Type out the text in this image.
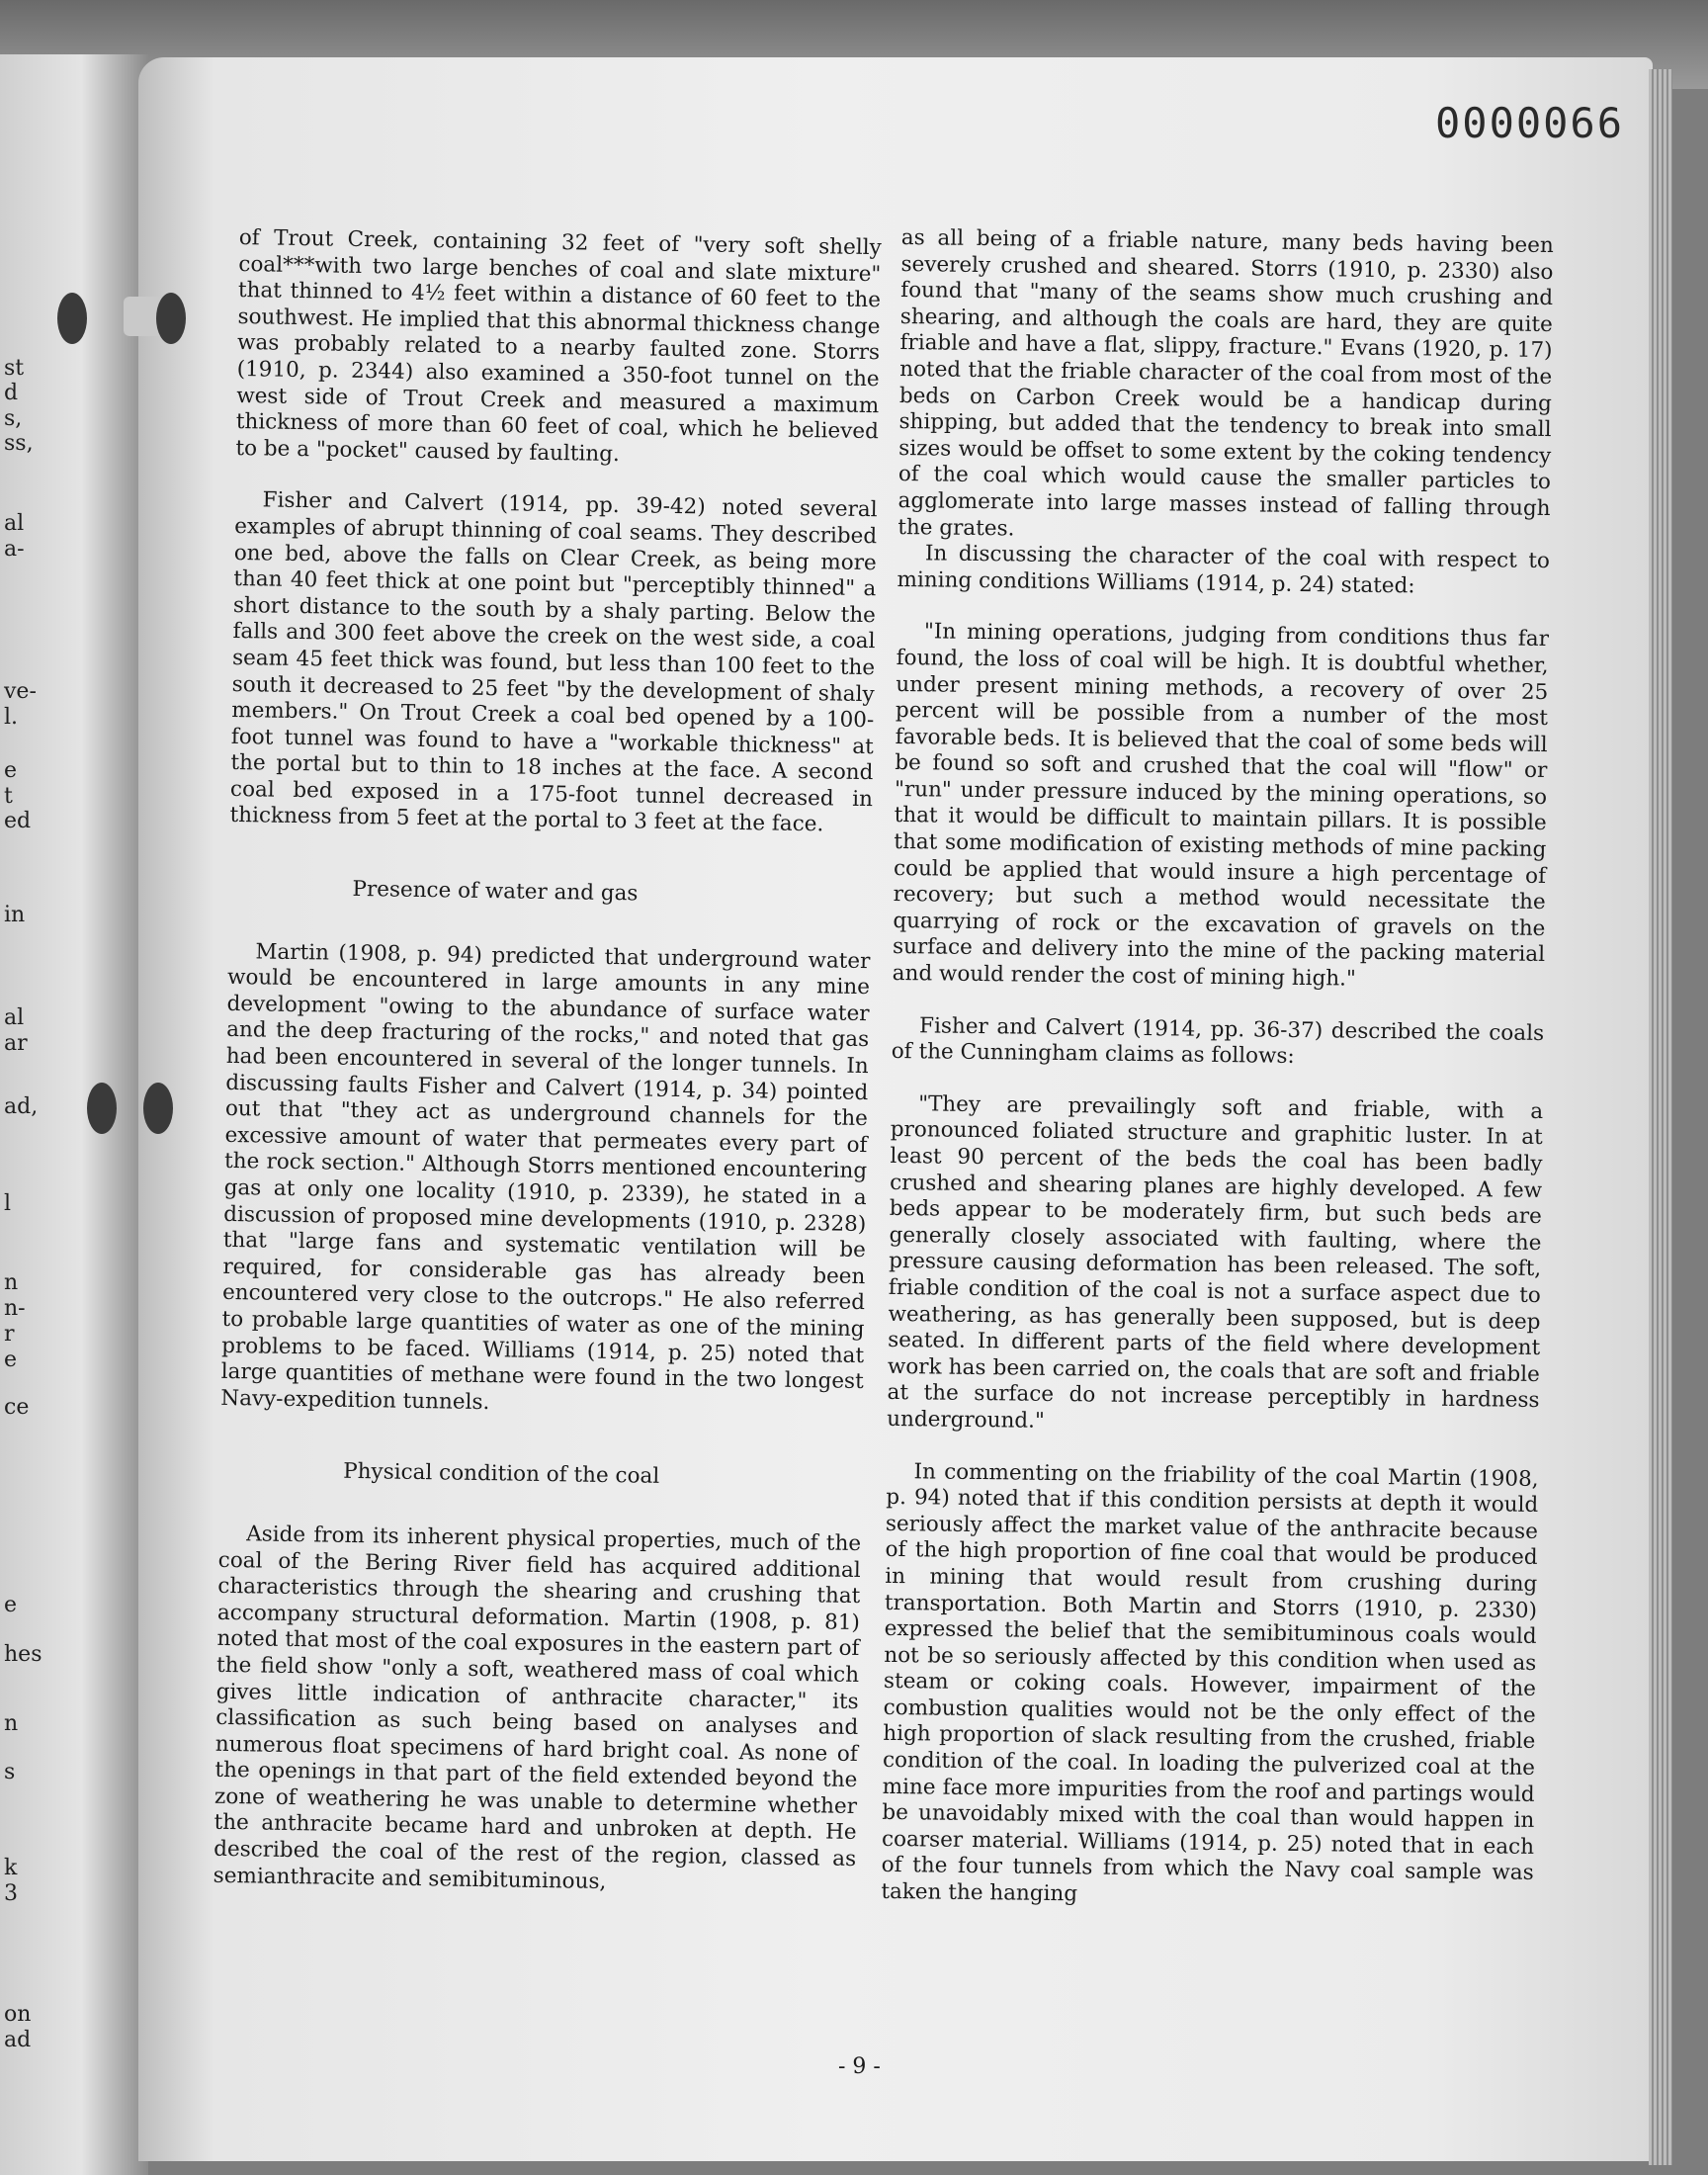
st
d
s,
ss,
al
a-
ve-
l.
e
t
ed
in
al
ar
ad,
l
n
n-
r
e
ce
e
hes
n
s
k
3
on
ad
0000066

of Trout Creek, containing 32 feet of "very soft shelly coal***with two large benches of coal and slate mixture" that thinned to 4½ feet within a distance of 60 feet to the southwest. He implied that this abnormal thickness change was probably related to a nearby faulted zone. Storrs (1910, p. 2344) also examined a 350-foot tunnel on the west side of Trout Creek and measured a maximum thickness of more than 60 feet of coal, which he believed to be a "pocket" caused by faulting.

Fisher and Calvert (1914, pp. 39-42) noted several examples of abrupt thinning of coal seams. They described one bed, above the falls on Clear Creek, as being more than 40 feet thick at one point but "perceptibly thinned" a short distance to the south by a shaly parting. Below the falls and 300 feet above the creek on the west side, a coal seam 45 feet thick was found, but less than 100 feet to the south it decreased to 25 feet "by the development of shaly members." On Trout Creek a coal bed opened by a 100-foot tunnel was found to have a "workable thickness" at the portal but to thin to 18 inches at the face. A second coal bed exposed in a 175-foot tunnel decreased in thickness from 5 feet at the portal to 3 feet at the face.

Presence of water and gas

Martin (1908, p. 94) predicted that underground water would be encountered in large amounts in any mine development "owing to the abundance of surface water and the deep fracturing of the rocks," and noted that gas had been encountered in several of the longer tunnels. In discussing faults Fisher and Calvert (1914, p. 34) pointed out that "they act as underground channels for the excessive amount of water that permeates every part of the rock section." Although Storrs mentioned encountering gas at only one locality (1910, p. 2339), he stated in a discussion of proposed mine developments (1910, p. 2328) that "large fans and systematic ventilation will be required, for considerable gas has already been encountered very close to the outcrops." He also referred to probable large quantities of water as one of the mining problems to be faced. Williams (1914, p. 25) noted that large quantities of methane were found in the two longest Navy-expedition tunnels.

Physical condition of the coal

Aside from its inherent physical properties, much of the coal of the Bering River field has acquired additional characteristics through the shearing and crushing that accompany structural deformation. Martin (1908, p. 81) noted that most of the coal exposures in the eastern part of the field show "only a soft, weathered mass of coal which gives little indication of anthracite character," its classification as such being based on analyses and numerous float specimens of hard bright coal. As none of the openings in that part of the field extended beyond the zone of weathering he was unable to determine whether the anthracite became hard and unbroken at depth. He described the coal of the rest of the region, classed as semianthracite and semibituminous,

as all being of a friable nature, many beds having been severely crushed and sheared. Storrs (1910, p. 2330) also found that "many of the seams show much crushing and shearing, and although the coals are hard, they are quite friable and have a flat, slippy, fracture." Evans (1920, p. 17) noted that the friable character of the coal from most of the beds on Carbon Creek would be a handicap during shipping, but added that the tendency to break into small sizes would be offset to some extent by the coking tendency of the coal which would cause the smaller particles to agglomerate into large masses instead of falling through the grates.

In discussing the character of the coal with respect to mining conditions Williams (1914, p. 24) stated:

"In mining operations, judging from conditions thus far found, the loss of coal will be high. It is doubtful whether, under present mining methods, a recovery of over 25 percent will be possible from a number of the most favorable beds. It is believed that the coal of some beds will be found so soft and crushed that the coal will "flow" or "run" under pressure induced by the mining operations, so that it would be difficult to maintain pillars. It is possible that some modification of existing methods of mine packing could be applied that would insure a high percentage of recovery; but such a method would necessitate the quarrying of rock or the excavation of gravels on the surface and delivery into the mine of the packing material and would render the cost of mining high."

Fisher and Calvert (1914, pp. 36-37) described the coals of the Cunningham claims as follows:

"They are prevailingly soft and friable, with a pronounced foliated structure and graphitic luster. In at least 90 percent of the beds the coal has been badly crushed and shearing planes are highly developed. A few beds appear to be moderately firm, but such beds are generally closely associated with faulting, where the pressure causing deformation has been released. The soft, friable condition of the coal is not a surface aspect due to weathering, as has generally been supposed, but is deep seated. In different parts of the field where development work has been carried on, the coals that are soft and friable at the surface do not increase perceptibly in hardness underground."

In commenting on the friability of the coal Martin (1908, p. 94) noted that if this condition persists at depth it would seriously affect the market value of the anthracite because of the high proportion of fine coal that would be produced in mining that would result from crushing during transportation. Both Martin and Storrs (1910, p. 2330) expressed the belief that the semibituminous coals would not be so seriously affected by this condition when used as steam or coking coals. However, impairment of the combustion qualities would not be the only effect of the high proportion of slack resulting from the crushed, friable condition of the coal. In loading the pulverized coal at the mine face more impurities from the roof and partings would be unavoidably mixed with the coal than would happen in coarser material. Williams (1914, p. 25) noted that in each of the four tunnels from which the Navy coal sample was taken the hanging

- 9 -
